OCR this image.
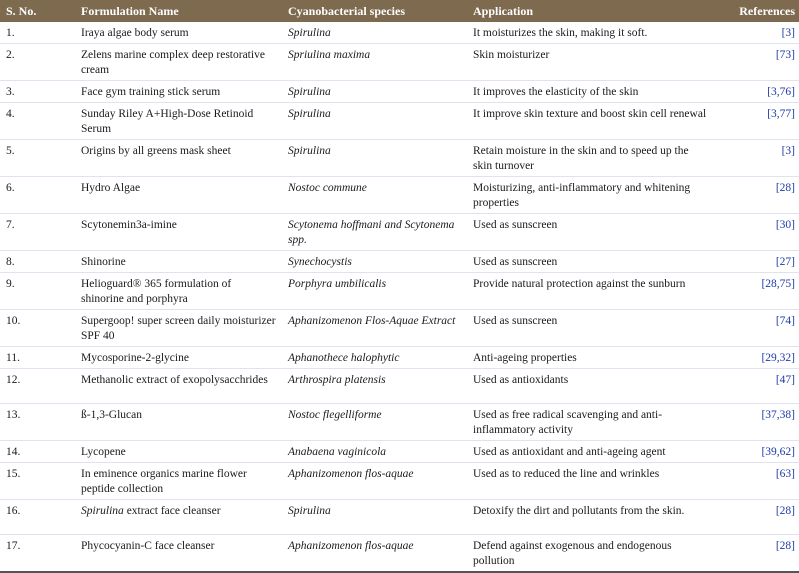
S. No.	Formulation Name	Cyanobacterial species	Application	References
1.	Iraya algae body serum	Spirulina	It moisturizes the skin, making it soft.	[3]
2.	Zelens marine complex deep restorative cream	Spriulina maxima	Skin moisturizer	[73]
3.	Face gym training stick serum	Spirulina	It improves the elasticity of the skin	[3,76]
4.	Sunday Riley A+High-Dose Retinoid Serum	Spirulina	It improve skin texture and boost skin cell renewal	[3,77]
5.	Origins by all greens mask sheet	Spirulina	Retain moisture in the skin and to speed up the skin turnover	[3]
6.	Hydro Algae	Nostoc commune	Moisturizing, anti-inflammatory and whitening properties	[28]
7.	Scytonemin3a-imine	Scytonema hoffmani and Scytonema spp.	Used as sunscreen	[30]
8.	Shinorine	Synechocystis	Used as sunscreen	[27]
9.	Helioguard® 365 formulation of shinorine and porphyra	Porphyra umbilicalis	Provide natural protection against the sunburn	[28,75]
10.	Supergoop! super screen daily moisturizer SPF 40	Aphanizomenon Flos-Aquae Extract	Used as sunscreen	[74]
11.	Mycosporine-2-glycine	Aphanothece halophytic	Anti-ageing properties	[29,32]
12.	Methanolic extract of exopolysacchrides	Arthrospira platensis	Used as antioxidants	[47]
13.	ß-1,3-Glucan	Nostoc flegelliforme	Used as free radical scavenging and anti-inflammatory activity	[37,38]
14.	Lycopene	Anabaena vaginicola	Used as antioxidant and anti-ageing agent	[39,62]
15.	In eminence organics marine flower peptide collection	Aphanizomenon flos-aquae	Used as to reduced the line and wrinkles	[63]
16.	Spirulina extract face cleanser	Spirulina	Detoxify the dirt and pollutants from the skin.	[28]
17.	Phycocyanin-C face cleanser	Aphanizomenon flos-aquae	Defend against exogenous and endogenous pollution	[28]
